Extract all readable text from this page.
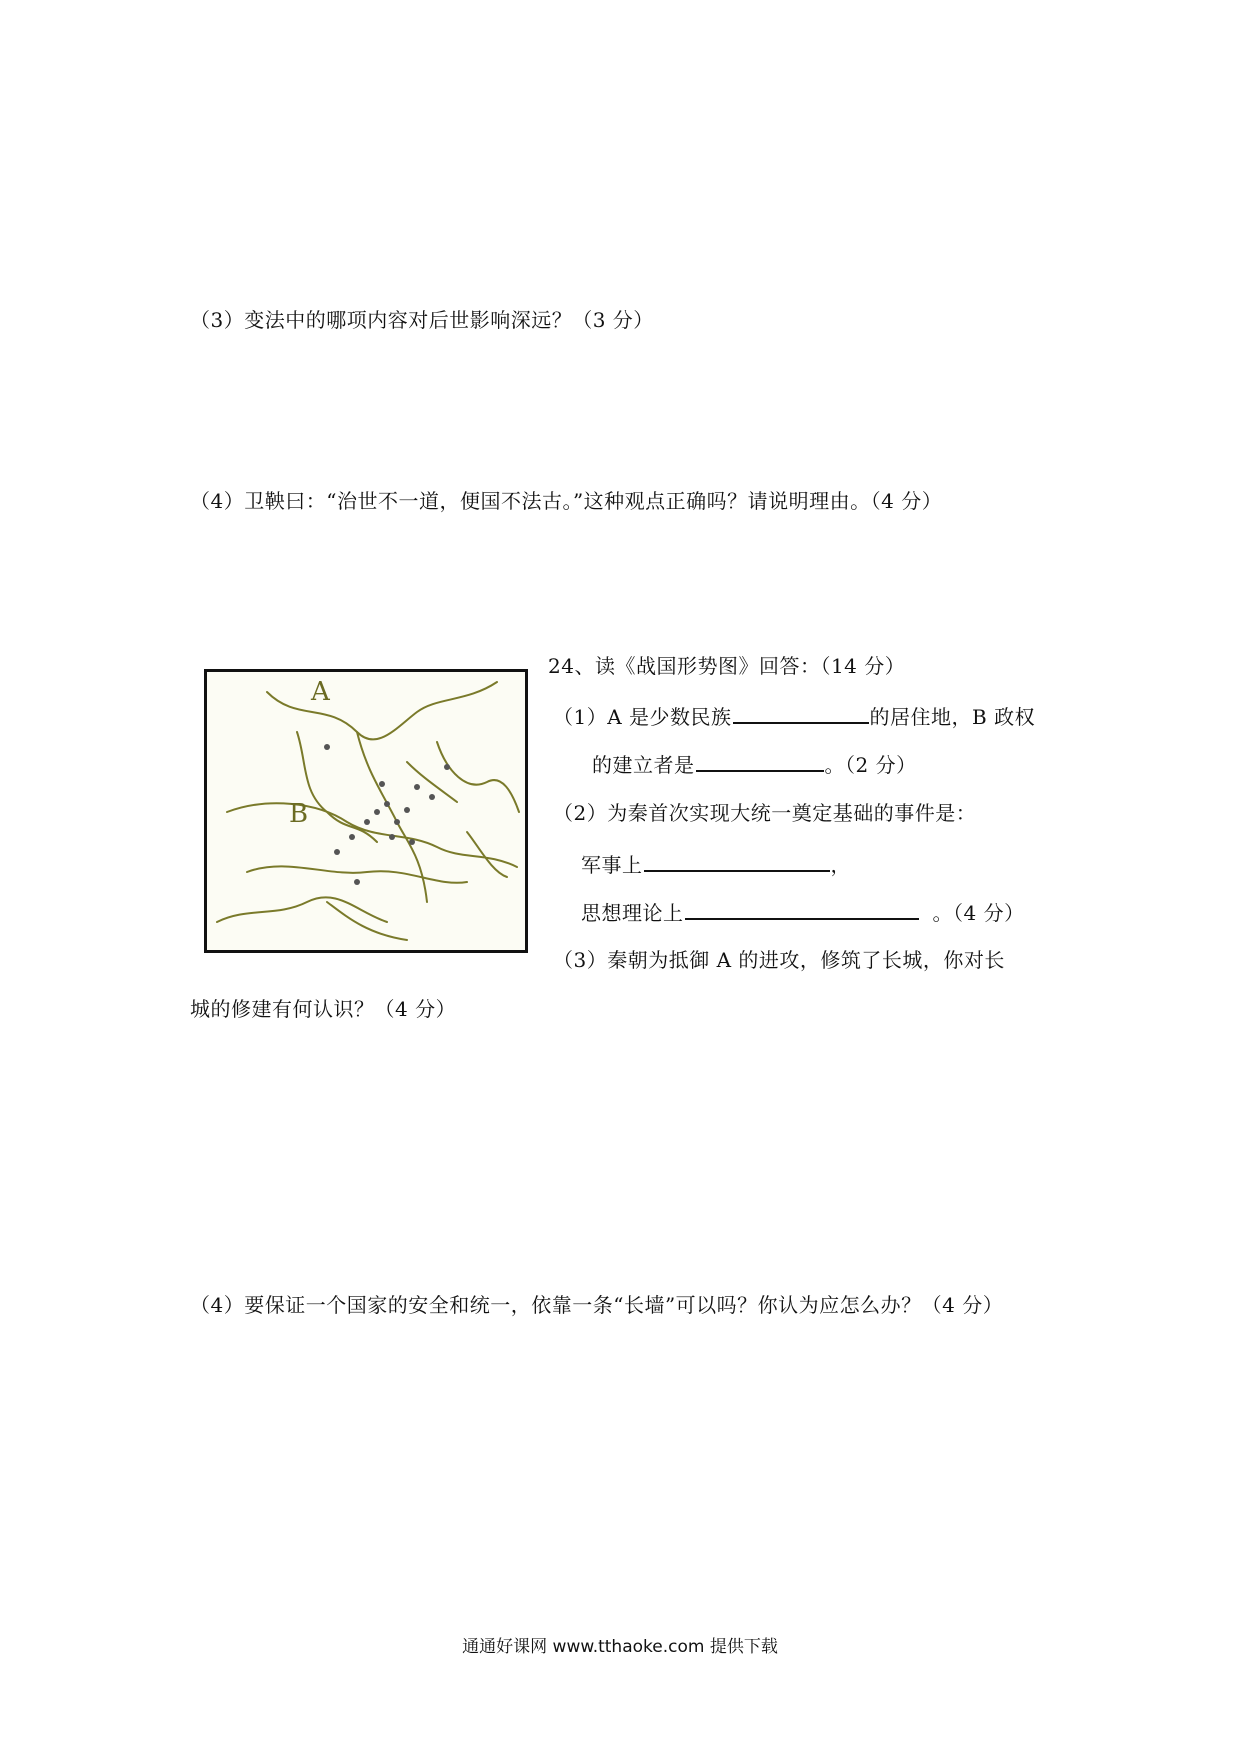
（3）变法中的哪项内容对后世影响深远？（3 分）
（4）卫鞅曰：“治世不一道，便国不法古。”这种观点正确吗？请说明理由。（4 分）
A
B
24、读《战国形势图》回答：（14 分）
（1）A 是少数民族	的居住地，B 政权
的建立者是	。（2 分）
（2）为秦首次实现大统一奠定基础的事件是：
军事上	，
思想理论上	。（4 分）
（3）秦朝为抵御 A 的进攻，修筑了长城，你对长
城的修建有何认识？（4 分）
（4）要保证一个国家的安全和统一，依靠一条“长墙”可以吗？你认为应怎么办？（4 分）
通通好课网 www.tthaoke.com 提供下载
